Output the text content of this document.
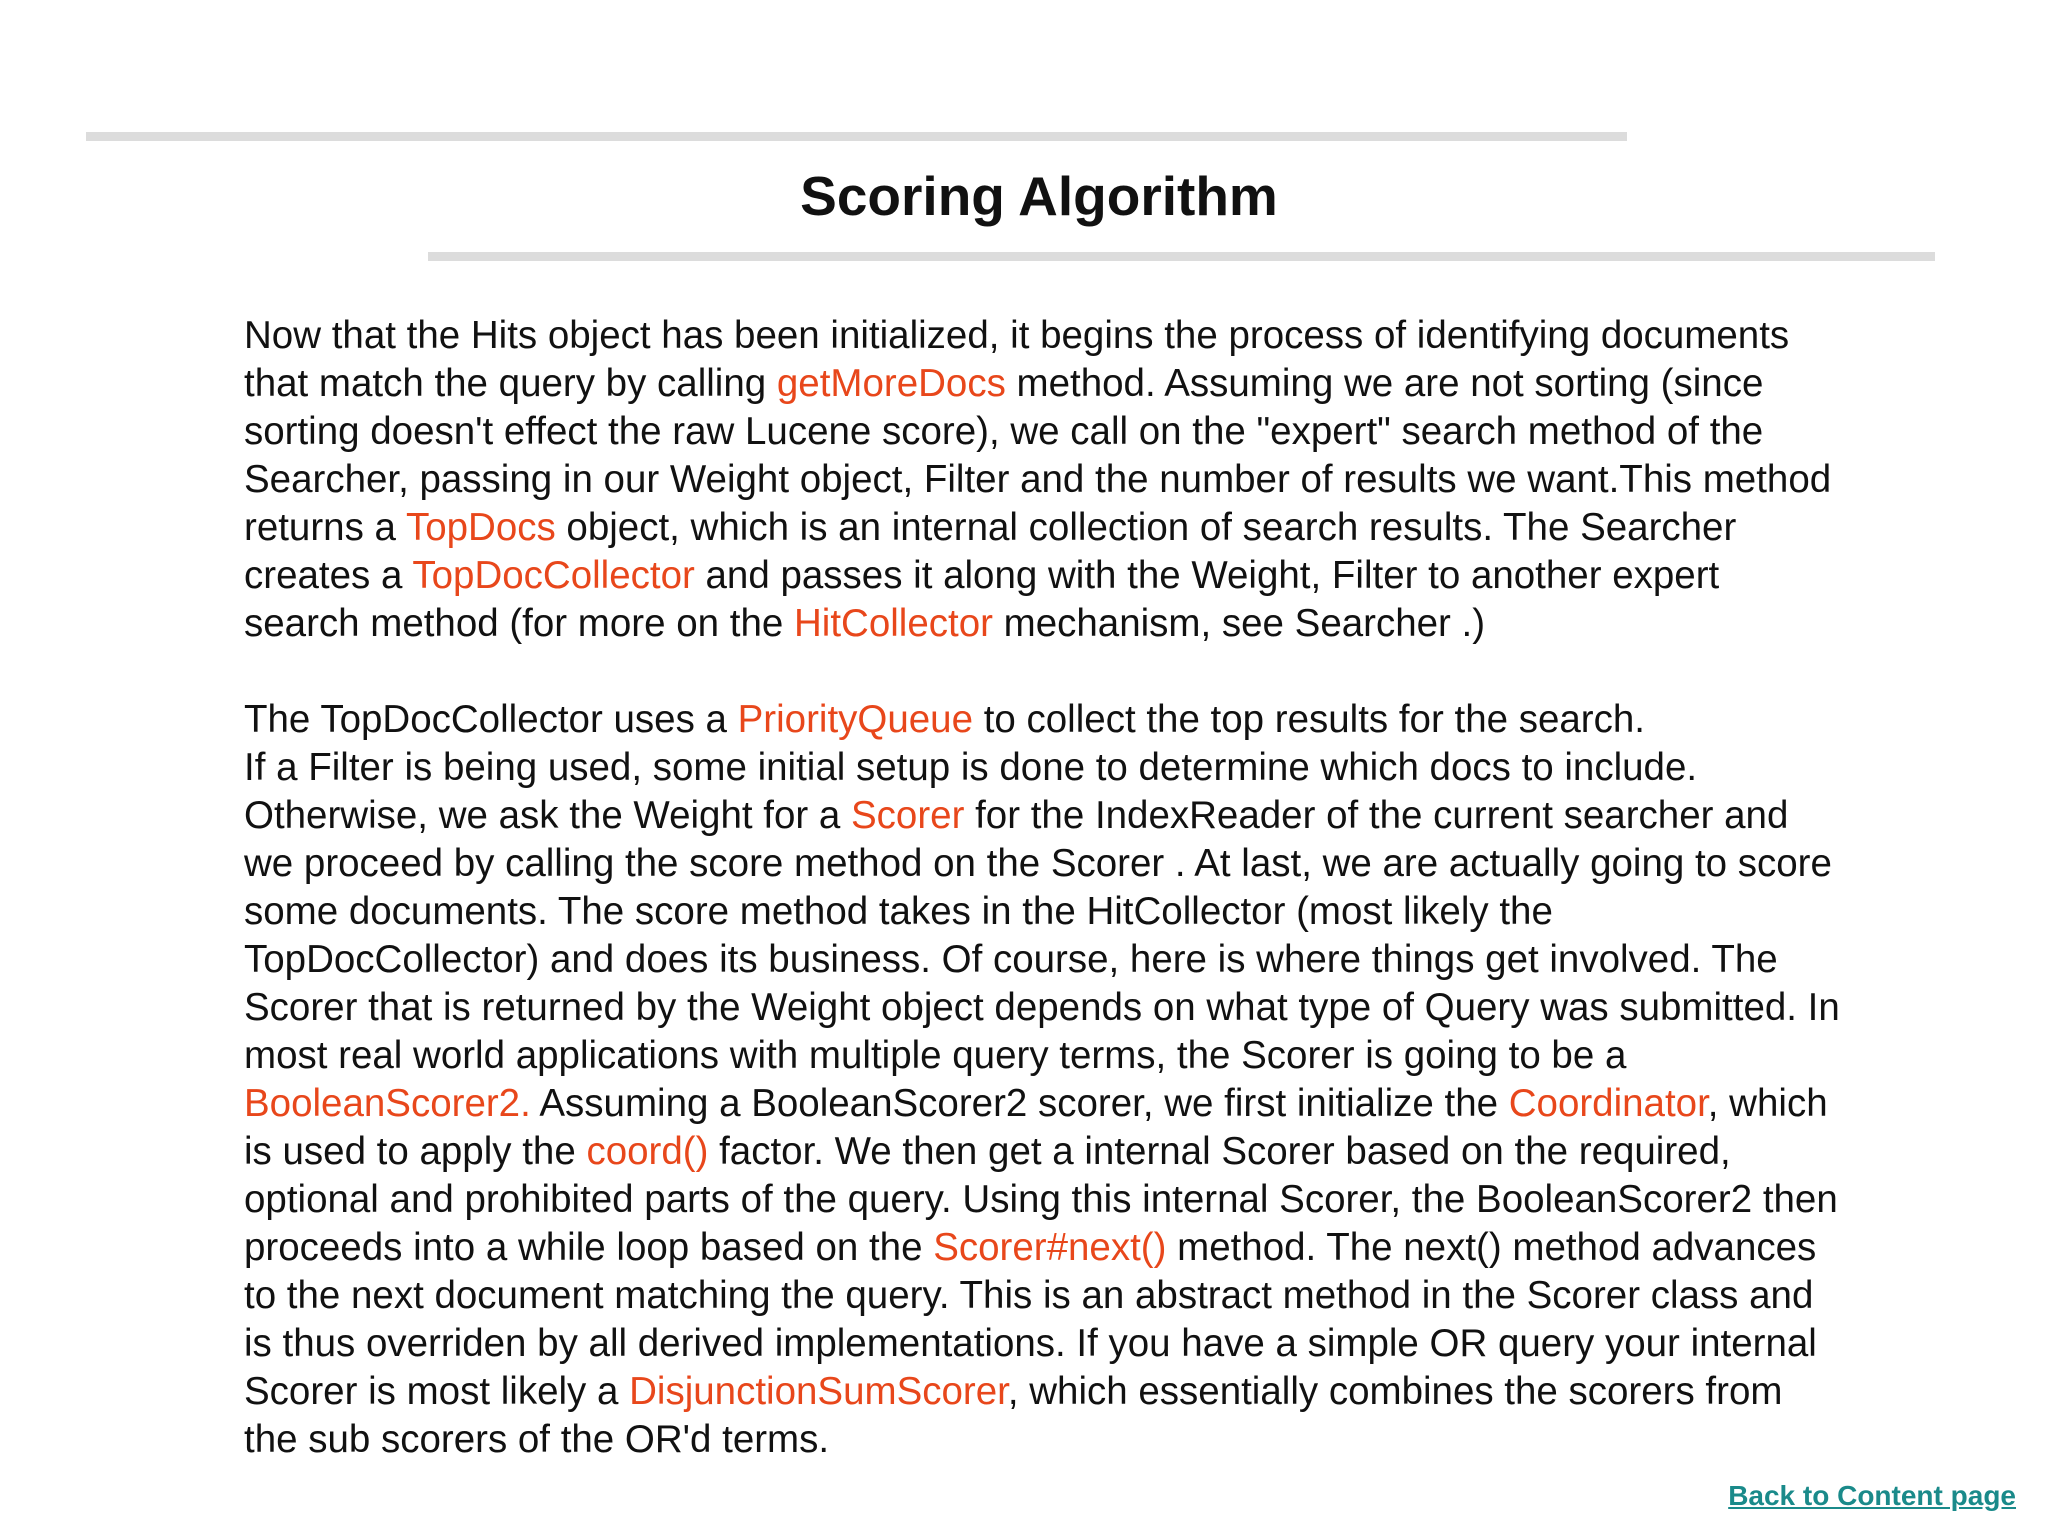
Scoring Algorithm

Now that the Hits object has been initialized, it begins the process of identifying documents
that match the query by calling getMoreDocs method. Assuming we are not sorting (since
sorting doesn't effect the raw Lucene score), we call on the "expert" search method of the
Searcher, passing in our Weight object, Filter and the number of results we want.This method
returns a TopDocs object, which is an internal collection of search results. The Searcher
creates a TopDocCollector and passes it along with the Weight, Filter to another expert
search method (for more on the HitCollector mechanism, see Searcher .)

The TopDocCollector uses a PriorityQueue to collect the top results for the search.
If a Filter is being used, some initial setup is done to determine which docs to include.
Otherwise, we ask the Weight for a Scorer for the IndexReader of the current searcher and
we proceed by calling the score method on the Scorer . At last, we are actually going to score
some documents. The score method takes in the HitCollector (most likely the
TopDocCollector) and does its business. Of course, here is where things get involved. The
Scorer that is returned by the Weight object depends on what type of Query was submitted. In
most real world applications with multiple query terms, the Scorer is going to be a
BooleanScorer2. Assuming a BooleanScorer2 scorer, we first initialize the Coordinator, which
is used to apply the coord() factor. We then get a internal Scorer based on the required,
optional and prohibited parts of the query. Using this internal Scorer, the BooleanScorer2 then
proceeds into a while loop based on the Scorer#next() method. The next() method advances
to the next document matching the query. This is an abstract method in the Scorer class and
is thus overriden by all derived implementations. If you have a simple OR query your internal
Scorer is most likely a DisjunctionSumScorer, which essentially combines the scorers from
the sub scorers of the OR'd terms.

Back to Content page
